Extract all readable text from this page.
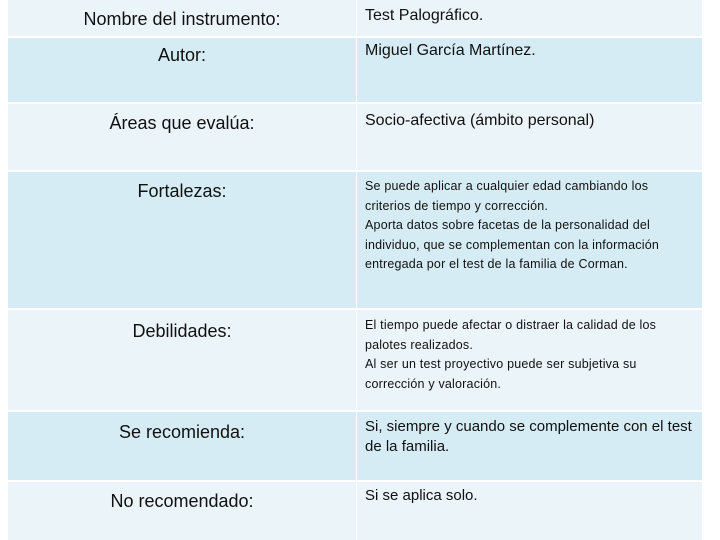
Nombre del instrumento:	Test Palográfico.
Autor:	Miguel García Martínez.
Áreas que evalúa:	Socio-afectiva (ámbito personal)
Fortalezas:	Se puede aplicar a cualquier edad cambiando los criterios de tiempo y corrección.
Aporta datos sobre facetas de la personalidad del individuo, que se complementan con la información entregada por el test de la familia de Corman.
Debilidades:	El tiempo puede afectar o distraer la calidad de los palotes realizados.
Al ser un test proyectivo puede ser subjetiva su corrección y valoración.
Se recomienda:	Si, siempre y cuando se complemente con el test de la familia.
No recomendado:	Si se aplica solo.
